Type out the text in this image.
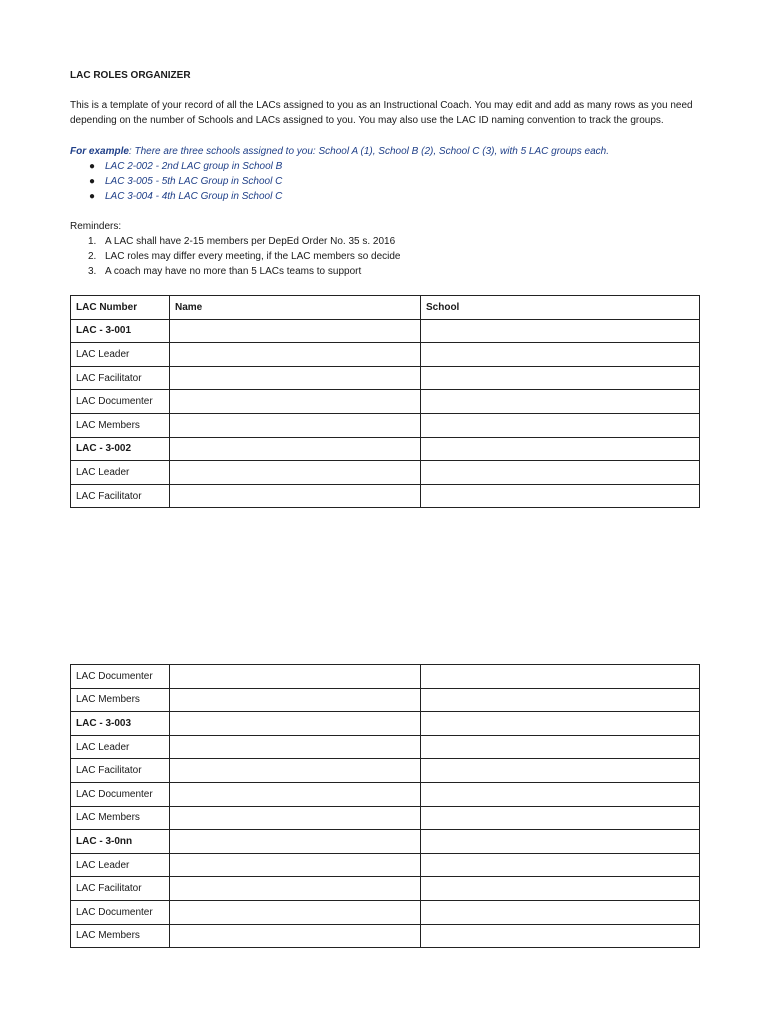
LAC ROLES ORGANIZER
This is a template of your record of all the LACs assigned to you as an Instructional Coach. You may edit and add as many rows as you need depending on the number of Schools and LACs assigned to you. You may also use the LAC ID naming convention to track the groups.
For example: There are three schools assigned to you: School A (1), School B (2), School C (3), with 5 LAC groups each.
● LAC 2-002 - 2nd LAC group in School B
● LAC 3-005 - 5th LAC Group in School C
● LAC 3-004 - 4th LAC Group in School C
Reminders:
1. A LAC shall have 2-15 members per DepEd Order No. 35 s. 2016
2. LAC roles may differ every meeting, if the LAC members so decide
3. A coach may have no more than 5 LACs teams to support
LAC Number	Name	School
LAC - 3-001		
LAC Leader		
LAC Facilitator		
LAC Documenter		
LAC Members		
LAC - 3-002		
LAC Leader		
LAC Facilitator		
LAC Documenter		
LAC Members		
LAC - 3-003		
LAC Leader		
LAC Facilitator		
LAC Documenter		
LAC Members		
LAC - 3-0nn		
LAC Leader		
LAC Facilitator		
LAC Documenter		
LAC Members		
